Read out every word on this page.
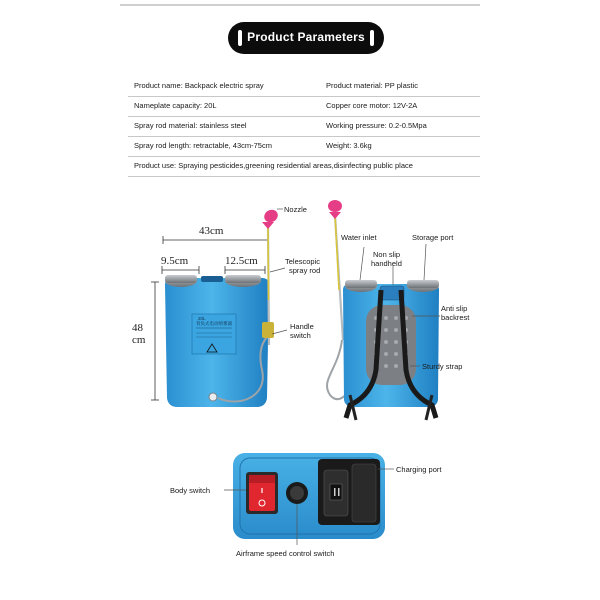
Product Parameters
Product name: Backpack electric spray	Product material: PP plastic
Nameplate capacity: 20L	Copper core motor: 12V-2A
Spray rod material: stainless steel	Working pressure: 0.2-0.5Mpa
Spray rod length: retractable, 43cm-75cm	Weight: 3.6kg
Product use: Spraying pesticides,greening residential areas,disinfecting public place
43cm
9.5cm	12.5cm
48
cm
20L
背负式电动喷雾器
Nozzle
Telescopic
spray rod
Handle
switch
Water inlet
Non slip
handheld
Storage port
Anti slip
backrest
Sturdy strap
Charging port
Body switch
Airframe speed control switch
